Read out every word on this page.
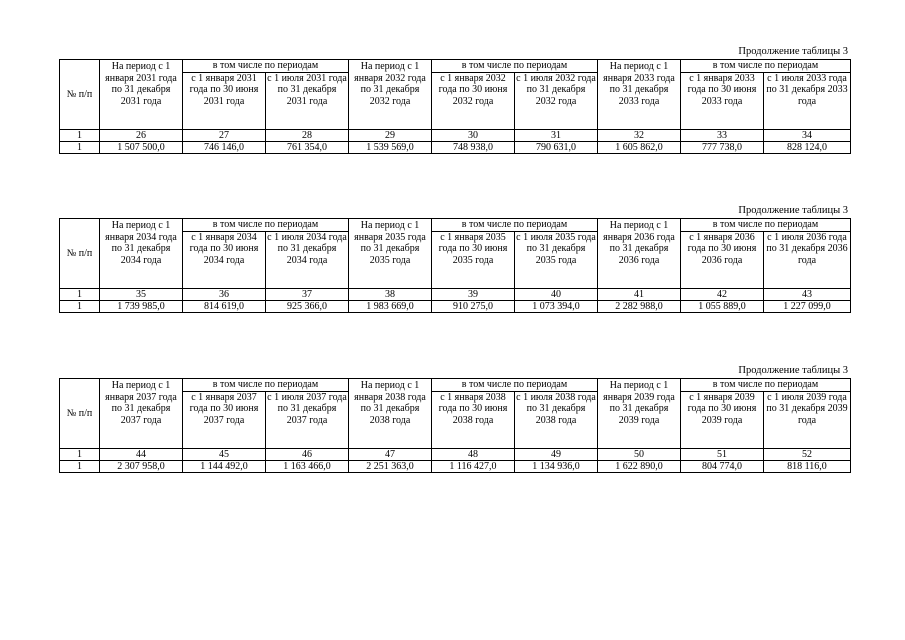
Продолжение таблицы 3
№ п/п	На период с 1 января 2031 года по 31 декабря 2031 года	в том числе по периодам		На период с 1 января 2032 года по 31 декабря 2032 года	в том числе по периодам		На период с 1 января 2033 года по 31 декабря 2033 года	в том числе по периодам	
		с 1 января 2031 года по 30 июня 2031 года	с 1 июля 2031 года по 31 декабря 2031 года		с 1 января 2032 года по 30 июня 2032 года	с 1 июля 2032 года по 31 декабря 2032 года		с 1 января 2033 года по 30 июня 2033 года	с 1 июля 2033 года по 31 декабря 2033 года
1	26	27	28	29	30	31	32	33	34
1	1 507 500,0	746 146,0	761 354,0	1 539 569,0	748 938,0	790 631,0	1 605 862,0	777 738,0	828 124,0
Продолжение таблицы 3
№ п/п	На период с 1 января 2034 года по 31 декабря 2034 года	в том числе по периодам		На период с 1 января 2035 года по 31 декабря 2035 года	в том числе по периодам		На период с 1 января 2036 года по 31 декабря 2036 года	в том числе по периодам	
		с 1 января 2034 года по 30 июня 2034 года	с 1 июля 2034 года по 31 декабря 2034 года		с 1 января 2035 года по 30 июня 2035 года	с 1 июля 2035 года по 31 декабря 2035 года		с 1 января 2036 года по 30 июня 2036 года	с 1 июля 2036 года по 31 декабря 2036 года
1	35	36	37	38	39	40	41	42	43
1	1 739 985,0	814 619,0	925 366,0	1 983 669,0	910 275,0	1 073 394,0	2 282 988,0	1 055 889,0	1 227 099,0
Продолжение таблицы 3
№ п/п	На период с 1 января 2037 года по 31 декабря 2037 года	в том числе по периодам		На период с 1 января 2038 года по 31 декабря 2038 года	в том числе по периодам		На период с 1 января 2039 года по 31 декабря 2039 года	в том числе по периодам	
		с 1 января 2037 года по 30 июня 2037 года	с 1 июля 2037 года по 31 декабря 2037 года		с 1 января 2038 года по 30 июня 2038 года	с 1 июля 2038 года по 31 декабря 2038 года		с 1 января 2039 года по 30 июня 2039 года	с 1 июля 2039 года по 31 декабря 2039 года
1	44	45	46	47	48	49	50	51	52
1	2 307 958,0	1 144 492,0	1 163 466,0	2 251 363,0	1 116 427,0	1 134 936,0	1 622 890,0	804 774,0	818 116,0
